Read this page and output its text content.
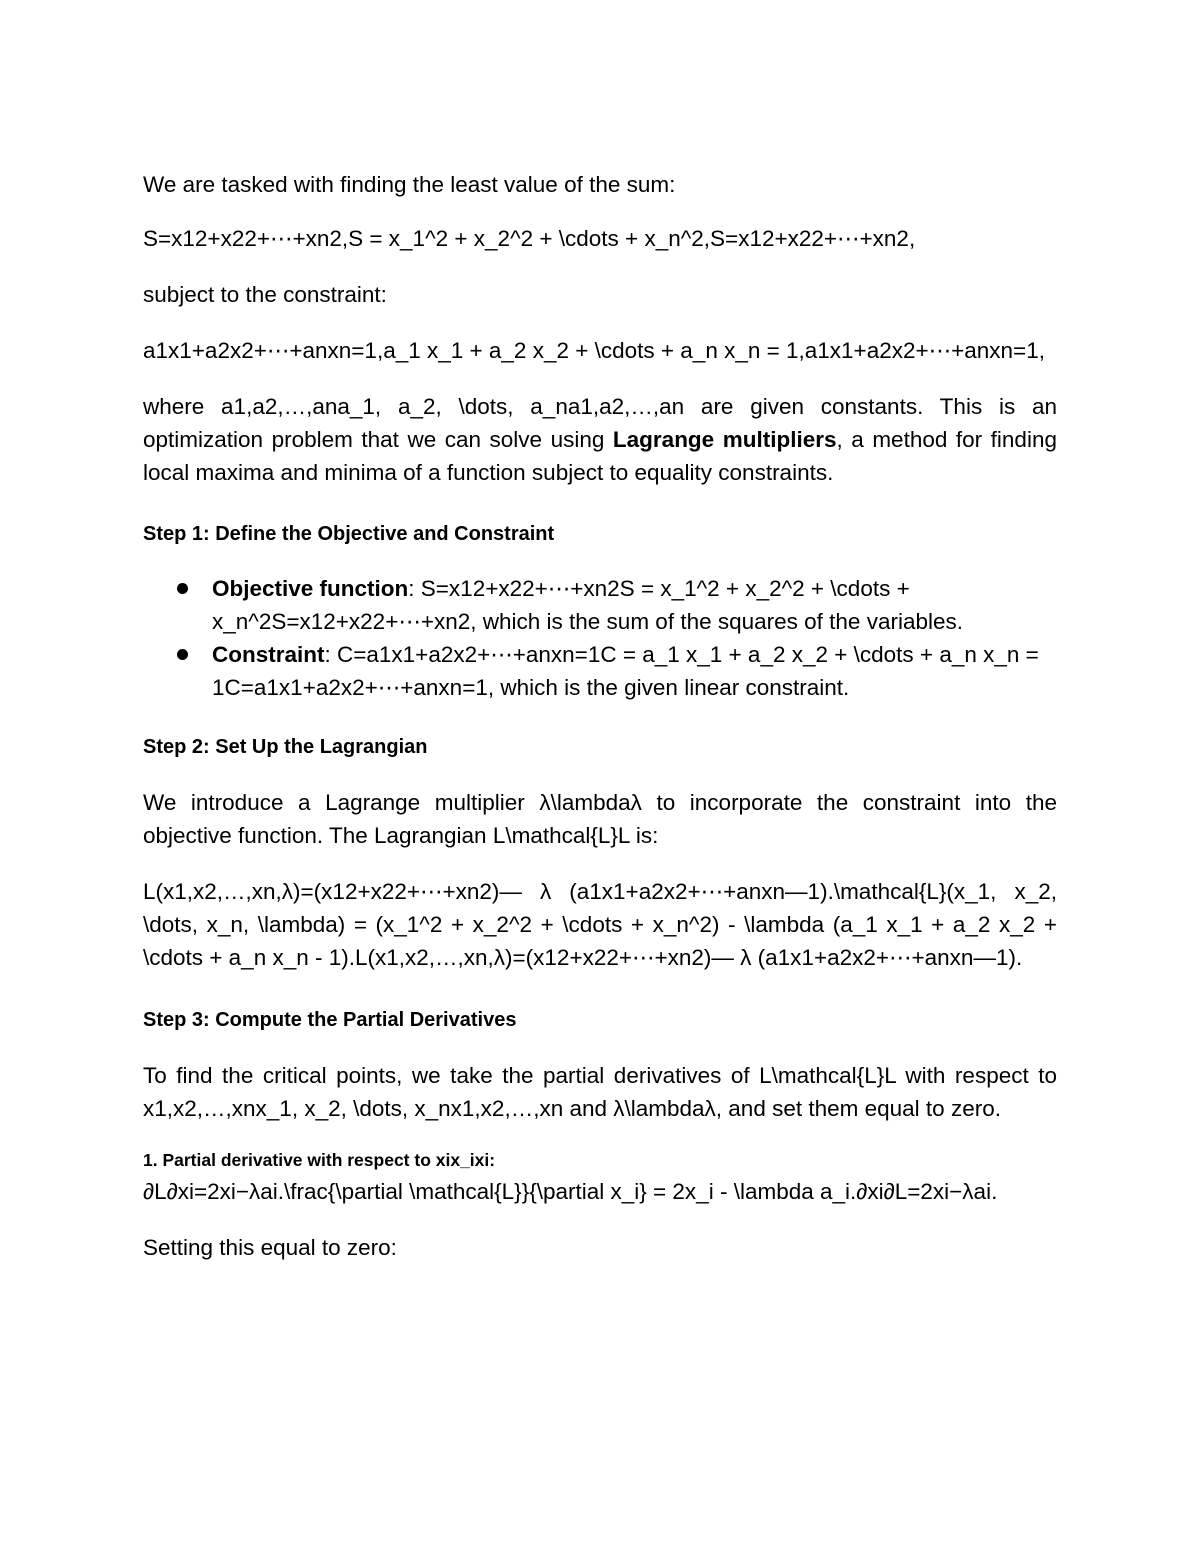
We are tasked with finding the least value of the sum:

S=x12+x22+⋯+xn2,S = x_1^2 + x_2^2 + \cdots + x_n^2,S=x12+x22+⋯+xn2,

subject to the constraint:

a1x1+a2x2+⋯+anxn=1,a_1 x_1 + a_2 x_2 + \cdots + a_n x_n = 1,a1x1+a2x2+⋯+anxn=1,

where a1,a2,…,ana_1, a_2, \dots, a_na1,a2,…,an are given constants. This is an optimization problem that we can solve using Lagrange multipliers, a method for finding local maxima and minima of a function subject to equality constraints.

Step 1: Define the Objective and Constraint

Objective function: S=x12+x22+⋯+xn2S = x_1^2 + x_2^2 + \cdots + x_n^2S=x12+x22+⋯+xn2, which is the sum of the squares of the variables.
Constraint: C=a1x1+a2x2+⋯+anxn=1C = a_1 x_1 + a_2 x_2 + \cdots + a_n x_n = 1C=a1x1+a2x2+⋯+anxn=1, which is the given linear constraint.

Step 2: Set Up the Lagrangian

We introduce a Lagrange multiplier λ\lambdaλ to incorporate the constraint into the objective function. The Lagrangian L\mathcal{L}L is:

L(x1,x2,…,xn,λ)=(x12+x22+⋯+xn2)— λ (a1x1+a2x2+⋯+anxn—1).\mathcal{L}(x_1, x_2, \dots, x_n, \lambda) = (x_1^2 + x_2^2 + \cdots + x_n^2) - \lambda (a_1 x_1 + a_2 x_2 + \cdots + a_n x_n - 1).L(x1,x2,…,xn,λ)=(x12+x22+⋯+xn2)— λ (a1x1+a2x2+⋯+anxn—1).

Step 3: Compute the Partial Derivatives

To find the critical points, we take the partial derivatives of L\mathcal{L}L with respect to x1,x2,…,xnx_1, x_2, \dots, x_nx1,x2,…,xn and λ\lambdaλ, and set them equal to zero.

1. Partial derivative with respect to xix_ixi:

∂L∂xi=2xi−λai.\frac{\partial \mathcal{L}}{\partial x_i} = 2x_i - \lambda a_i.∂xi∂L=2xi−λai.

Setting this equal to zero:
